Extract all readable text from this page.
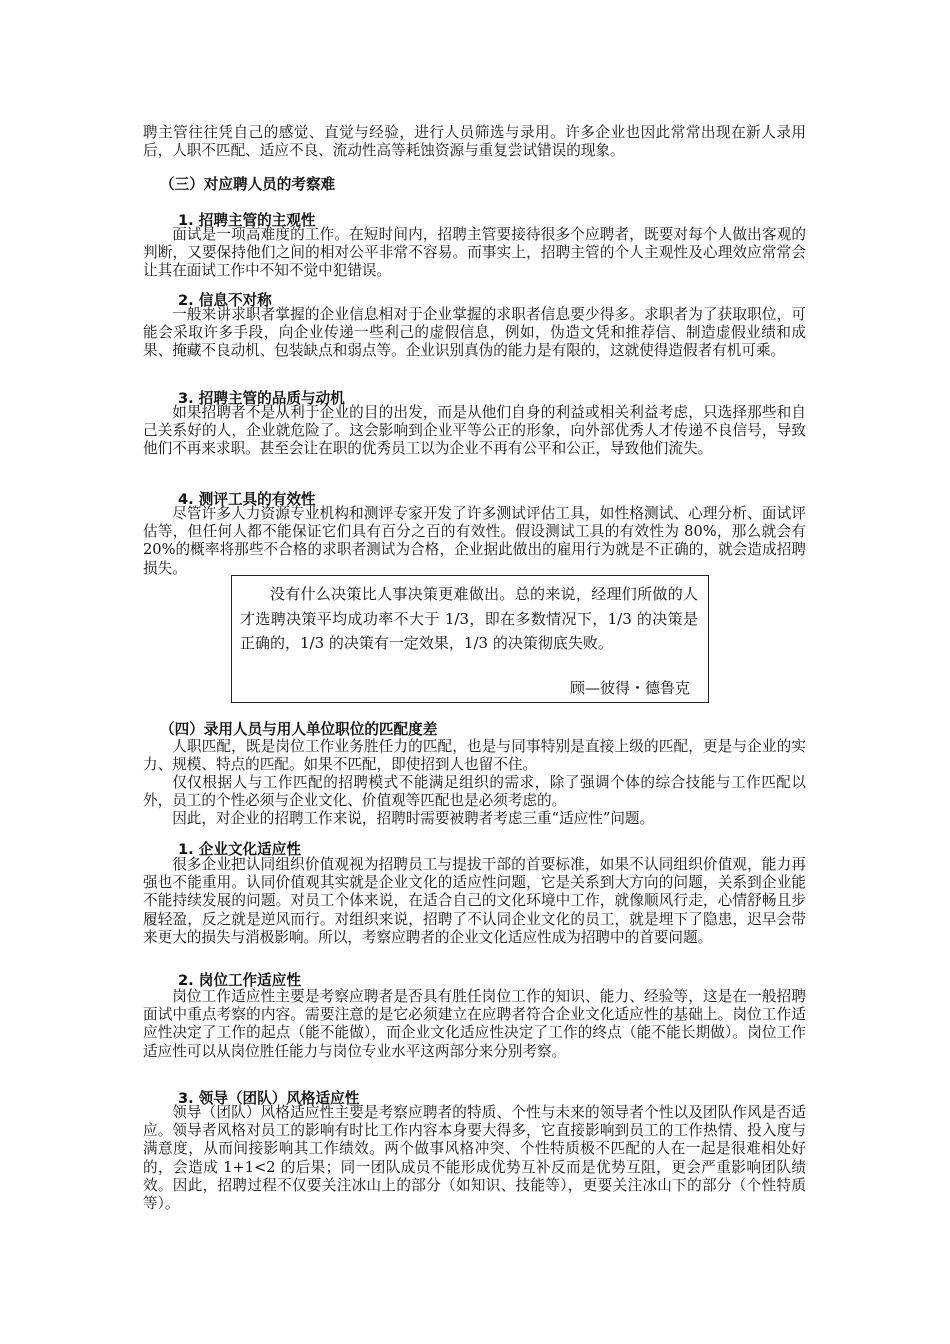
聘主管往往凭自己的感觉、直觉与经验，进行人员筛选与录用。许多企业也因此常常出现在新人录用后，人职不匹配、适应不良、流动性高等耗蚀资源与重复尝试错误的现象。

（三）对应聘人员的考察难
1. 招聘主管的主观性

面试是一项高难度的工作。在短时间内，招聘主管要接待很多个应聘者，既要对每个人做出客观的判断，又要保持他们之间的相对公平非常不容易。而事实上，招聘主管的个人主观性及心理效应常常会让其在面试工作中不知不觉中犯错误。

2. 信息不对称

一般来讲求职者掌握的企业信息相对于企业掌握的求职者信息要少得多。求职者为了获取职位，可能会采取许多手段，向企业传递一些利己的虚假信息，例如，伪造文凭和推荐信、制造虚假业绩和成果、掩藏不良动机、包装缺点和弱点等。企业识别真伪的能力是有限的，这就使得造假者有机可乘。

3. 招聘主管的品质与动机

如果招聘者不是从利于企业的目的出发，而是从他们自身的利益或相关利益考虑，只选择那些和自己关系好的人，企业就危险了。这会影响到企业平等公正的形象，向外部优秀人才传递不良信号，导致他们不再来求职。甚至会让在职的优秀员工以为企业不再有公平和公正，导致他们流失。

4. 测评工具的有效性

尽管许多人力资源专业机构和测评专家开发了许多测试评估工具，如性格测试、心理分析、面试评估等，但任何人都不能保证它们具有百分之百的有效性。假设测试工具的有效性为 80%，那么就会有 20%的概率将那些不合格的求职者测试为合格，企业据此做出的雇用行为就是不正确的，就会造成招聘损失。

没有什么决策比人事决策更难做出。总的来说，经理们所做的人才选聘决策平均成功率不大于 1/3，即在多数情况下，1/3 的决策是正确的，1/3 的决策有一定效果，1/3 的决策彻底失败。

顾—彼得・德鲁克

（四）录用人员与用人单位职位的匹配度差

人职匹配，既是岗位工作业务胜任力的匹配，也是与同事特别是直接上级的匹配，更是与企业的实力、规模、特点的匹配。如果不匹配，即使招到人也留不住。

仅仅根据人与工作匹配的招聘模式不能满足组织的需求，除了强调个体的综合技能与工作匹配以外，员工的个性必须与企业文化、价值观等匹配也是必须考虑的。

因此，对企业的招聘工作来说，招聘时需要被聘者考虑三重“适应性”问题。

1. 企业文化适应性

很多企业把认同组织价值观视为招聘员工与提拔干部的首要标准，如果不认同组织价值观，能力再强也不能重用。认同价值观其实就是企业文化的适应性问题，它是关系到大方向的问题，关系到企业能不能持续发展的问题。对员工个体来说，在适合自己的文化环境中工作，就像顺风行走，心情舒畅且步履轻盈，反之就是逆风而行。对组织来说，招聘了不认同企业文化的员工，就是埋下了隐患，迟早会带来更大的损失与消极影响。所以，考察应聘者的企业文化适应性成为招聘中的首要问题。

2. 岗位工作适应性

岗位工作适应性主要是考察应聘者是否具有胜任岗位工作的知识、能力、经验等，这是在一般招聘面试中重点考察的内容。需要注意的是它必须建立在应聘者符合企业文化适应性的基础上。岗位工作适应性决定了工作的起点（能不能做），而企业文化适应性决定了工作的终点（能不能长期做）。岗位工作适应性可以从岗位胜任能力与岗位专业水平这两部分来分别考察。

3. 领导（团队）风格适应性

领导（团队）风格适应性主要是考察应聘者的特质、个性与未来的领导者个性以及团队作风是否适应。领导者风格对员工的影响有时比工作内容本身要大得多，它直接影响到员工的工作热情、投入度与满意度，从而间接影响其工作绩效。两个做事风格冲突、个性特质极不匹配的人在一起是很难相处好的，会造成 1+1<2 的后果；同一团队成员不能形成优势互补反而是优势互阻，更会严重影响团队绩效。因此，招聘过程不仅要关注冰山上的部分（如知识、技能等），更要关注冰山下的部分（个性特质等）。
